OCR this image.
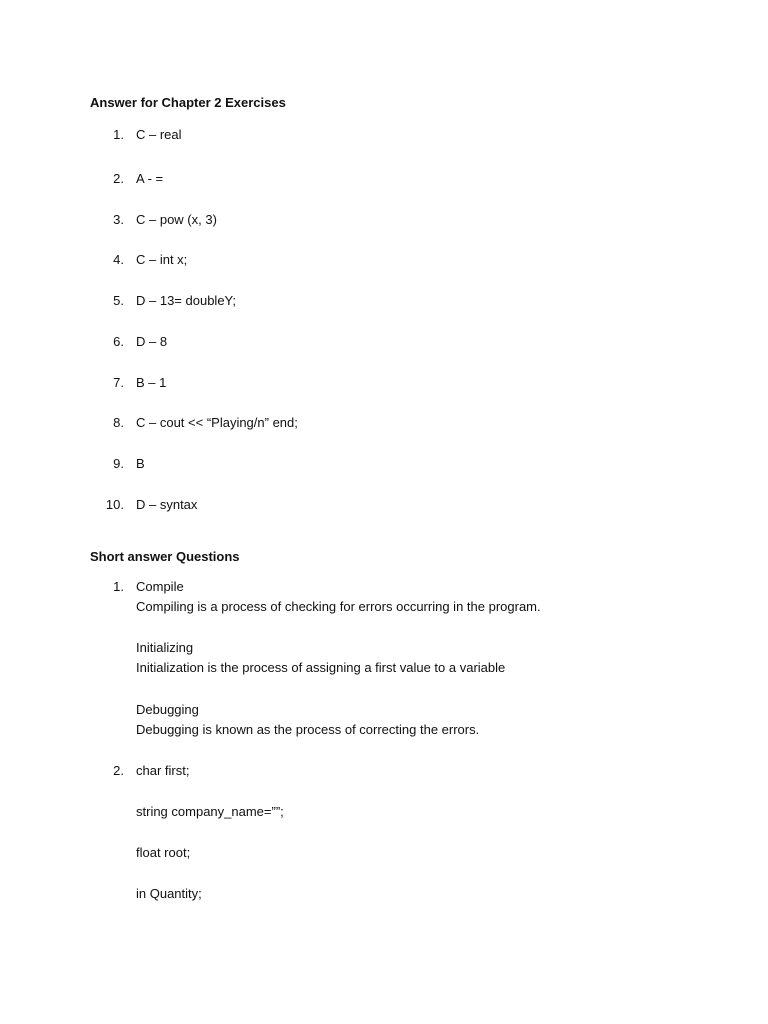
Answer for Chapter 2 Exercises
1. C – real
2. A - =
3. C – pow (x, 3)
4. C – int x;
5. D – 13= doubleY;
6. D – 8
7. B – 1
8. C – cout << “Playing/n” end;
9. B
10. D – syntax
Short answer Questions
1. Compile
Compiling is a process of checking for errors occurring in the program.
Initializing
Initialization is the process of assigning a first value to a variable
Debugging
Debugging is known as the process of correcting the errors.
2. char first;
string company_name=””;
float root;
in Quantity;
